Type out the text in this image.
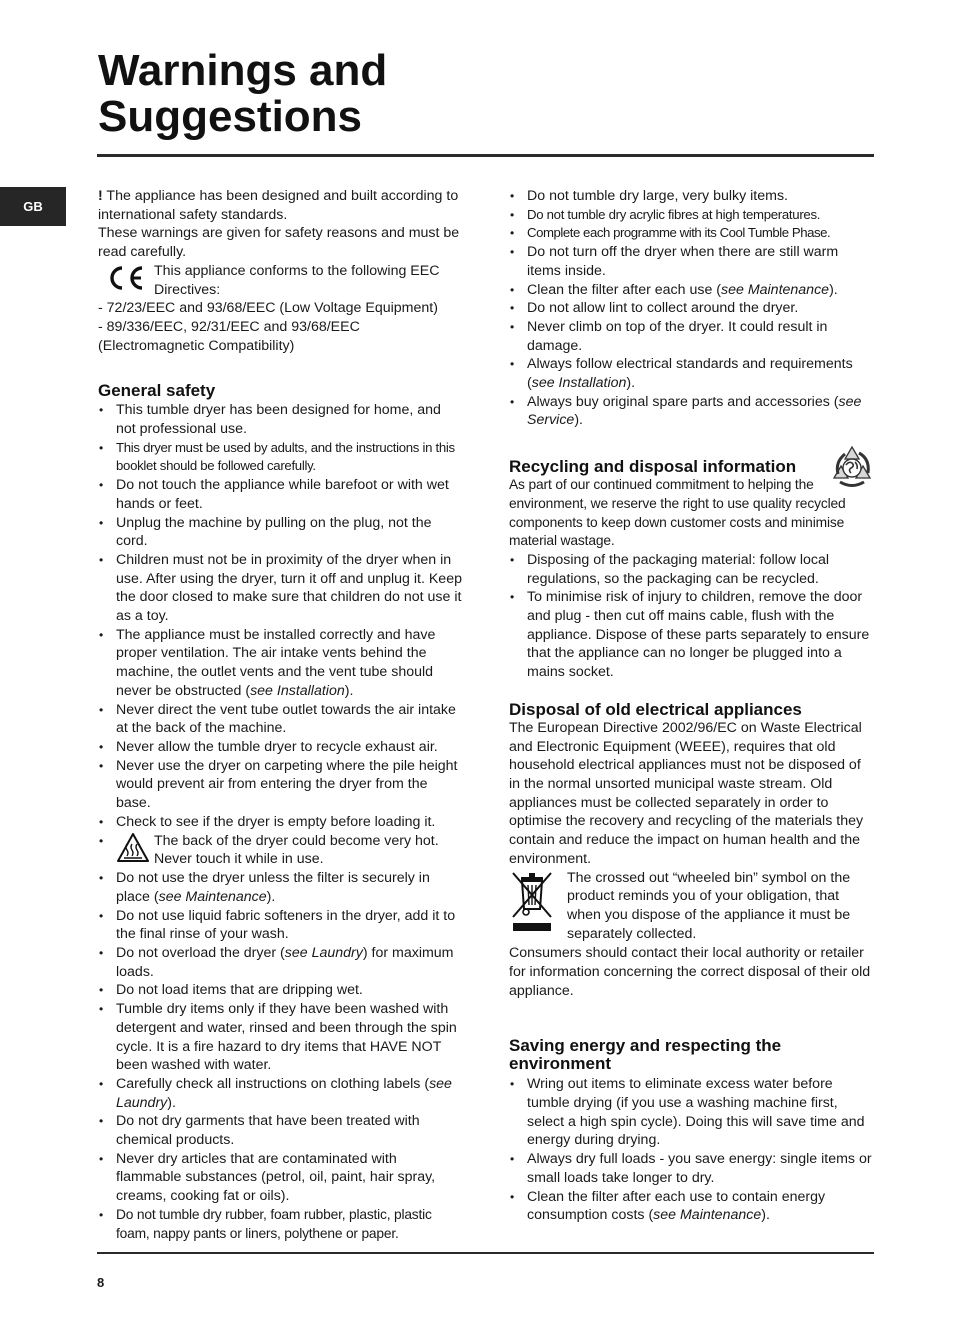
Warnings and Suggestions
GB

! The appliance has been designed and built according to international safety standards.

These warnings are given for safety reasons and must be read carefully.

This appliance conforms to the following EEC Directives:

- 72/23/EEC and 93/68/EEC (Low Voltage Equipment)

- 89/336/EEC, 92/31/EEC and 93/68/EEC (Electromagnetic Compatibility)

General safety
• This tumble dryer has been designed for home, and not professional use.
• This dryer must be used by adults, and the instructions in this booklet should be followed carefully.
• Do not touch the appliance while barefoot or with wet hands or feet.
• Unplug the machine by pulling on the plug, not the cord.
• Children must not be in proximity of the dryer when in use. After using the dryer, turn it off and unplug it. Keep the door closed to make sure that children do not use it as a toy.
• The appliance must be installed correctly and have proper ventilation. The air intake vents behind the machine, the outlet vents and the vent tube should never be obstructed (see Installation).
• Never direct the vent tube outlet towards the air intake at the back of the machine.
• Never allow the tumble dryer to recycle exhaust air.
• Never use the dryer on carpeting where the pile height would prevent air from entering the dryer from the base.
• Check to see if the dryer is empty before loading it.
• The back of the dryer could become very hot. Never touch it while in use.
• Do not use the dryer unless the filter is securely in place (see Maintenance).
• Do not use liquid fabric softeners in the dryer, add it to the final rinse of your wash.
• Do not overload the dryer (see Laundry) for maximum loads.
• Do not load items that are dripping wet.
• Tumble dry items only if they have been washed with detergent and water, rinsed and been through the spin cycle. It is a fire hazard to dry items that HAVE NOT been washed with water.
• Carefully check all instructions on clothing labels (see Laundry).
• Do not dry garments that have been treated with chemical products.
• Never dry articles that are contaminated with flammable substances (petrol, oil, paint, hair spray, creams, cooking fat or oils).
• Do not tumble dry rubber, foam rubber, plastic, plastic foam, nappy pants or liners, polythene or paper.
• Do not tumble dry large, very bulky items.
• Do not tumble dry acrylic fibres at high temperatures.
• Complete each programme with its Cool Tumble Phase.
• Do not turn off the dryer when there are still warm items inside.
• Clean the filter after each use (see Maintenance).
• Do not allow lint to collect around the dryer.
• Never climb on top of the dryer. It could result in damage.
• Always follow electrical standards and requirements (see Installation).
• Always buy original spare parts and accessories (see Service).
Recycling and disposal information

As part of our continued commitment to helping the environment, we reserve the right to use quality recycled components to keep down customer costs and minimise material wastage.

• Disposing of the packaging material: follow local regulations, so the packaging can be recycled.
• To minimise risk of injury to children, remove the door and plug - then cut off mains cable, flush with the appliance. Dispose of these parts separately to ensure that the appliance can no longer be plugged into a mains socket.
Disposal of old electrical appliances

The European Directive 2002/96/EC on Waste Electrical and Electronic Equipment (WEEE), requires that old household electrical appliances must not be disposed of in the normal unsorted municipal waste stream. Old appliances must be collected separately in order to optimise the recovery and recycling of the materials they contain and reduce the impact on human health and the environment.

The crossed out “wheeled bin” symbol on the product reminds you of your obligation, that when you dispose of the appliance it must be separately collected.

Consumers should contact their local authority or retailer for information concerning the correct disposal of their old appliance.

Saving energy and respecting the environment
• Wring out items to eliminate excess water before tumble drying (if you use a washing machine first, select a high spin cycle). Doing this will save time and energy during drying.
• Always dry full loads - you save energy: single items or small loads take longer to dry.
• Clean the filter after each use to contain energy consumption costs (see Maintenance).
8
